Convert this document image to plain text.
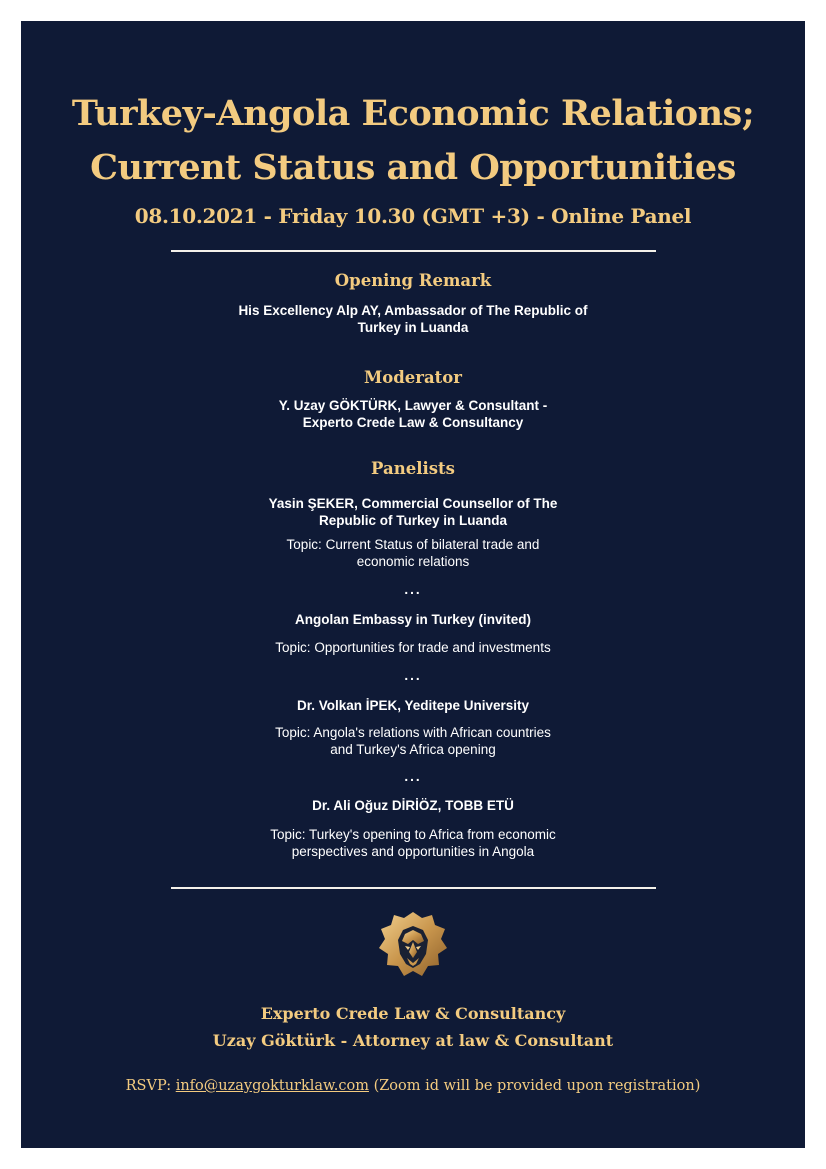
Turkey-Angola Economic Relations;
Current Status and Opportunities
08.10.2021 - Friday 10.30 (GMT +3) - Online Panel
Opening Remark
His Excellency Alp AY, Ambassador of The Republic of
Turkey in Luanda
Moderator
Y. Uzay GÖKTÜRK, Lawyer & Consultant -
Experto Crede Law & Consultancy
Panelists
Yasin ŞEKER, Commercial Counsellor of The
Republic of Turkey in Luanda
Topic: Current Status of bilateral trade and
economic relations
...
Angolan Embassy in Turkey (invited)
Topic: Opportunities for trade and investments
...
Dr. Volkan İPEK, Yeditepe University
Topic: Angola's relations with African countries
and Turkey's Africa opening
...
Dr. Ali Oğuz DİRİÖZ, TOBB ETÜ
Topic: Turkey's opening to Africa from economic
perspectives and opportunities in Angola
Experto Crede Law & Consultancy
Uzay Göktürk - Attorney at law & Consultant
RSVP: info@uzaygokturklaw.com (Zoom id will be provided upon registration)
